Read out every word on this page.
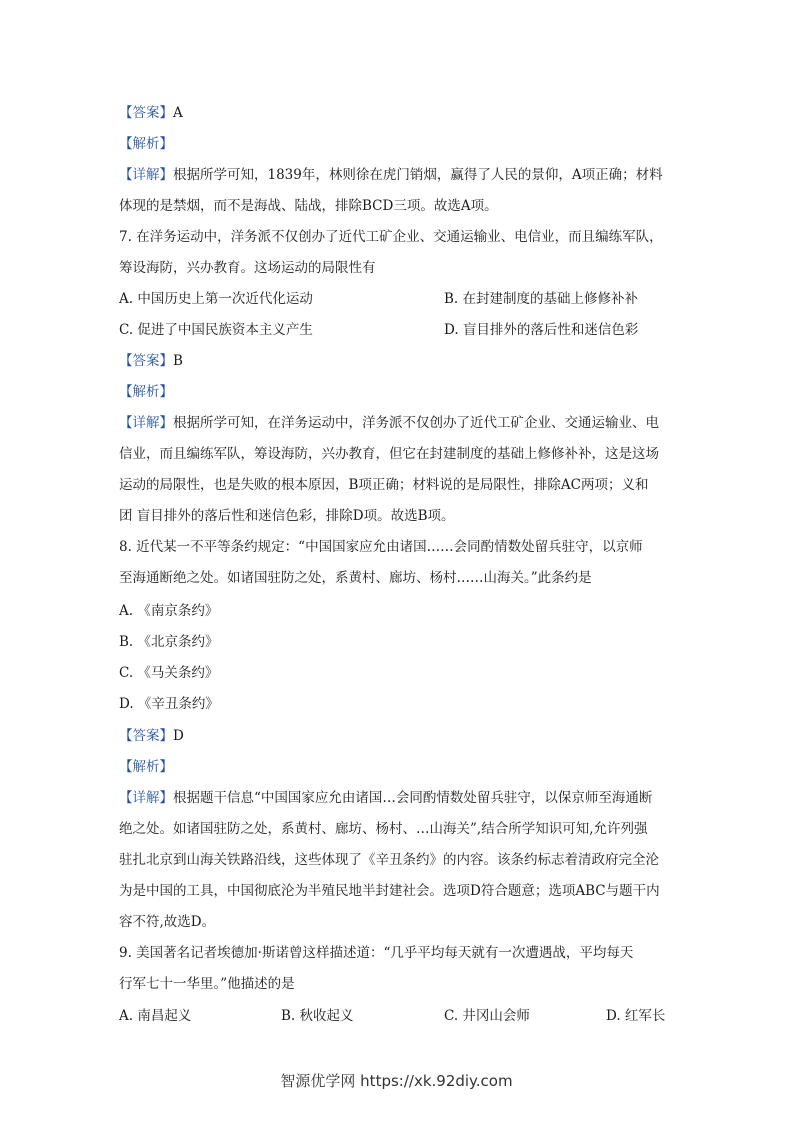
【答案】A
【解析】
【详解】根据所学可知，1839年，林则徐在虎门销烟，赢得了人民的景仰，A项正确；材料
体现的是禁烟，而不是海战、陆战，排除BCD三项。故选A项。
7. 在洋务运动中，洋务派不仅创办了近代工矿企业、交通运输业、电信业，而且编练军队，
筹设海防，兴办教育。这场运动的局限性有
A. 中国历史上第一次近代化运动	B. 在封建制度的基础上修修补补
C. 促进了中国民族资本主义产生	D. 盲目排外的落后性和迷信色彩
【答案】B
【解析】
【详解】根据所学可知，在洋务运动中，洋务派不仅创办了近代工矿企业、交通运输业、电
信业，而且编练军队，筹设海防，兴办教育，但它在封建制度的基础上修修补补，这是这场
运动的局限性，也是失败的根本原因，B项正确；材料说的是局限性，排除AC两项；义和
团 盲目排外的落后性和迷信色彩，排除D项。故选B项。
8. 近代某一不平等条约规定：“中国国家应允由诸国……会同酌情数处留兵驻守，以京师
至海通断绝之处。如诸国驻防之处，系黄村、廊坊、杨村……山海关。”此条约是
A. 《南京条约》
B. 《北京条约》
C. 《马关条约》
D. 《辛丑条约》
【答案】D
【解析】
【详解】根据题干信息“中国国家应允由诸国…会同酌情数处留兵驻守，以保京师至海通断
绝之处。如诸国驻防之处，系黄村、廊坊、杨村、…山海关”,结合所学知识可知,允许列强
驻扎北京到山海关铁路沿线，这些体现了《辛丑条约》的内容。该条约标志着清政府完全沦
为是中国的工具，中国彻底沦为半殖民地半封建社会。选项D符合题意；选项ABC与题干内
容不符,故选D。
9. 美国著名记者埃德加·斯诺曾这样描述道：“几乎平均每天就有一次遭遇战，平均每天
行军七十一华里。”他描述的是
A. 南昌起义	B. 秋收起义	C. 井冈山会师	D. 红军长
智源优学网 https://xk.92diy.com
